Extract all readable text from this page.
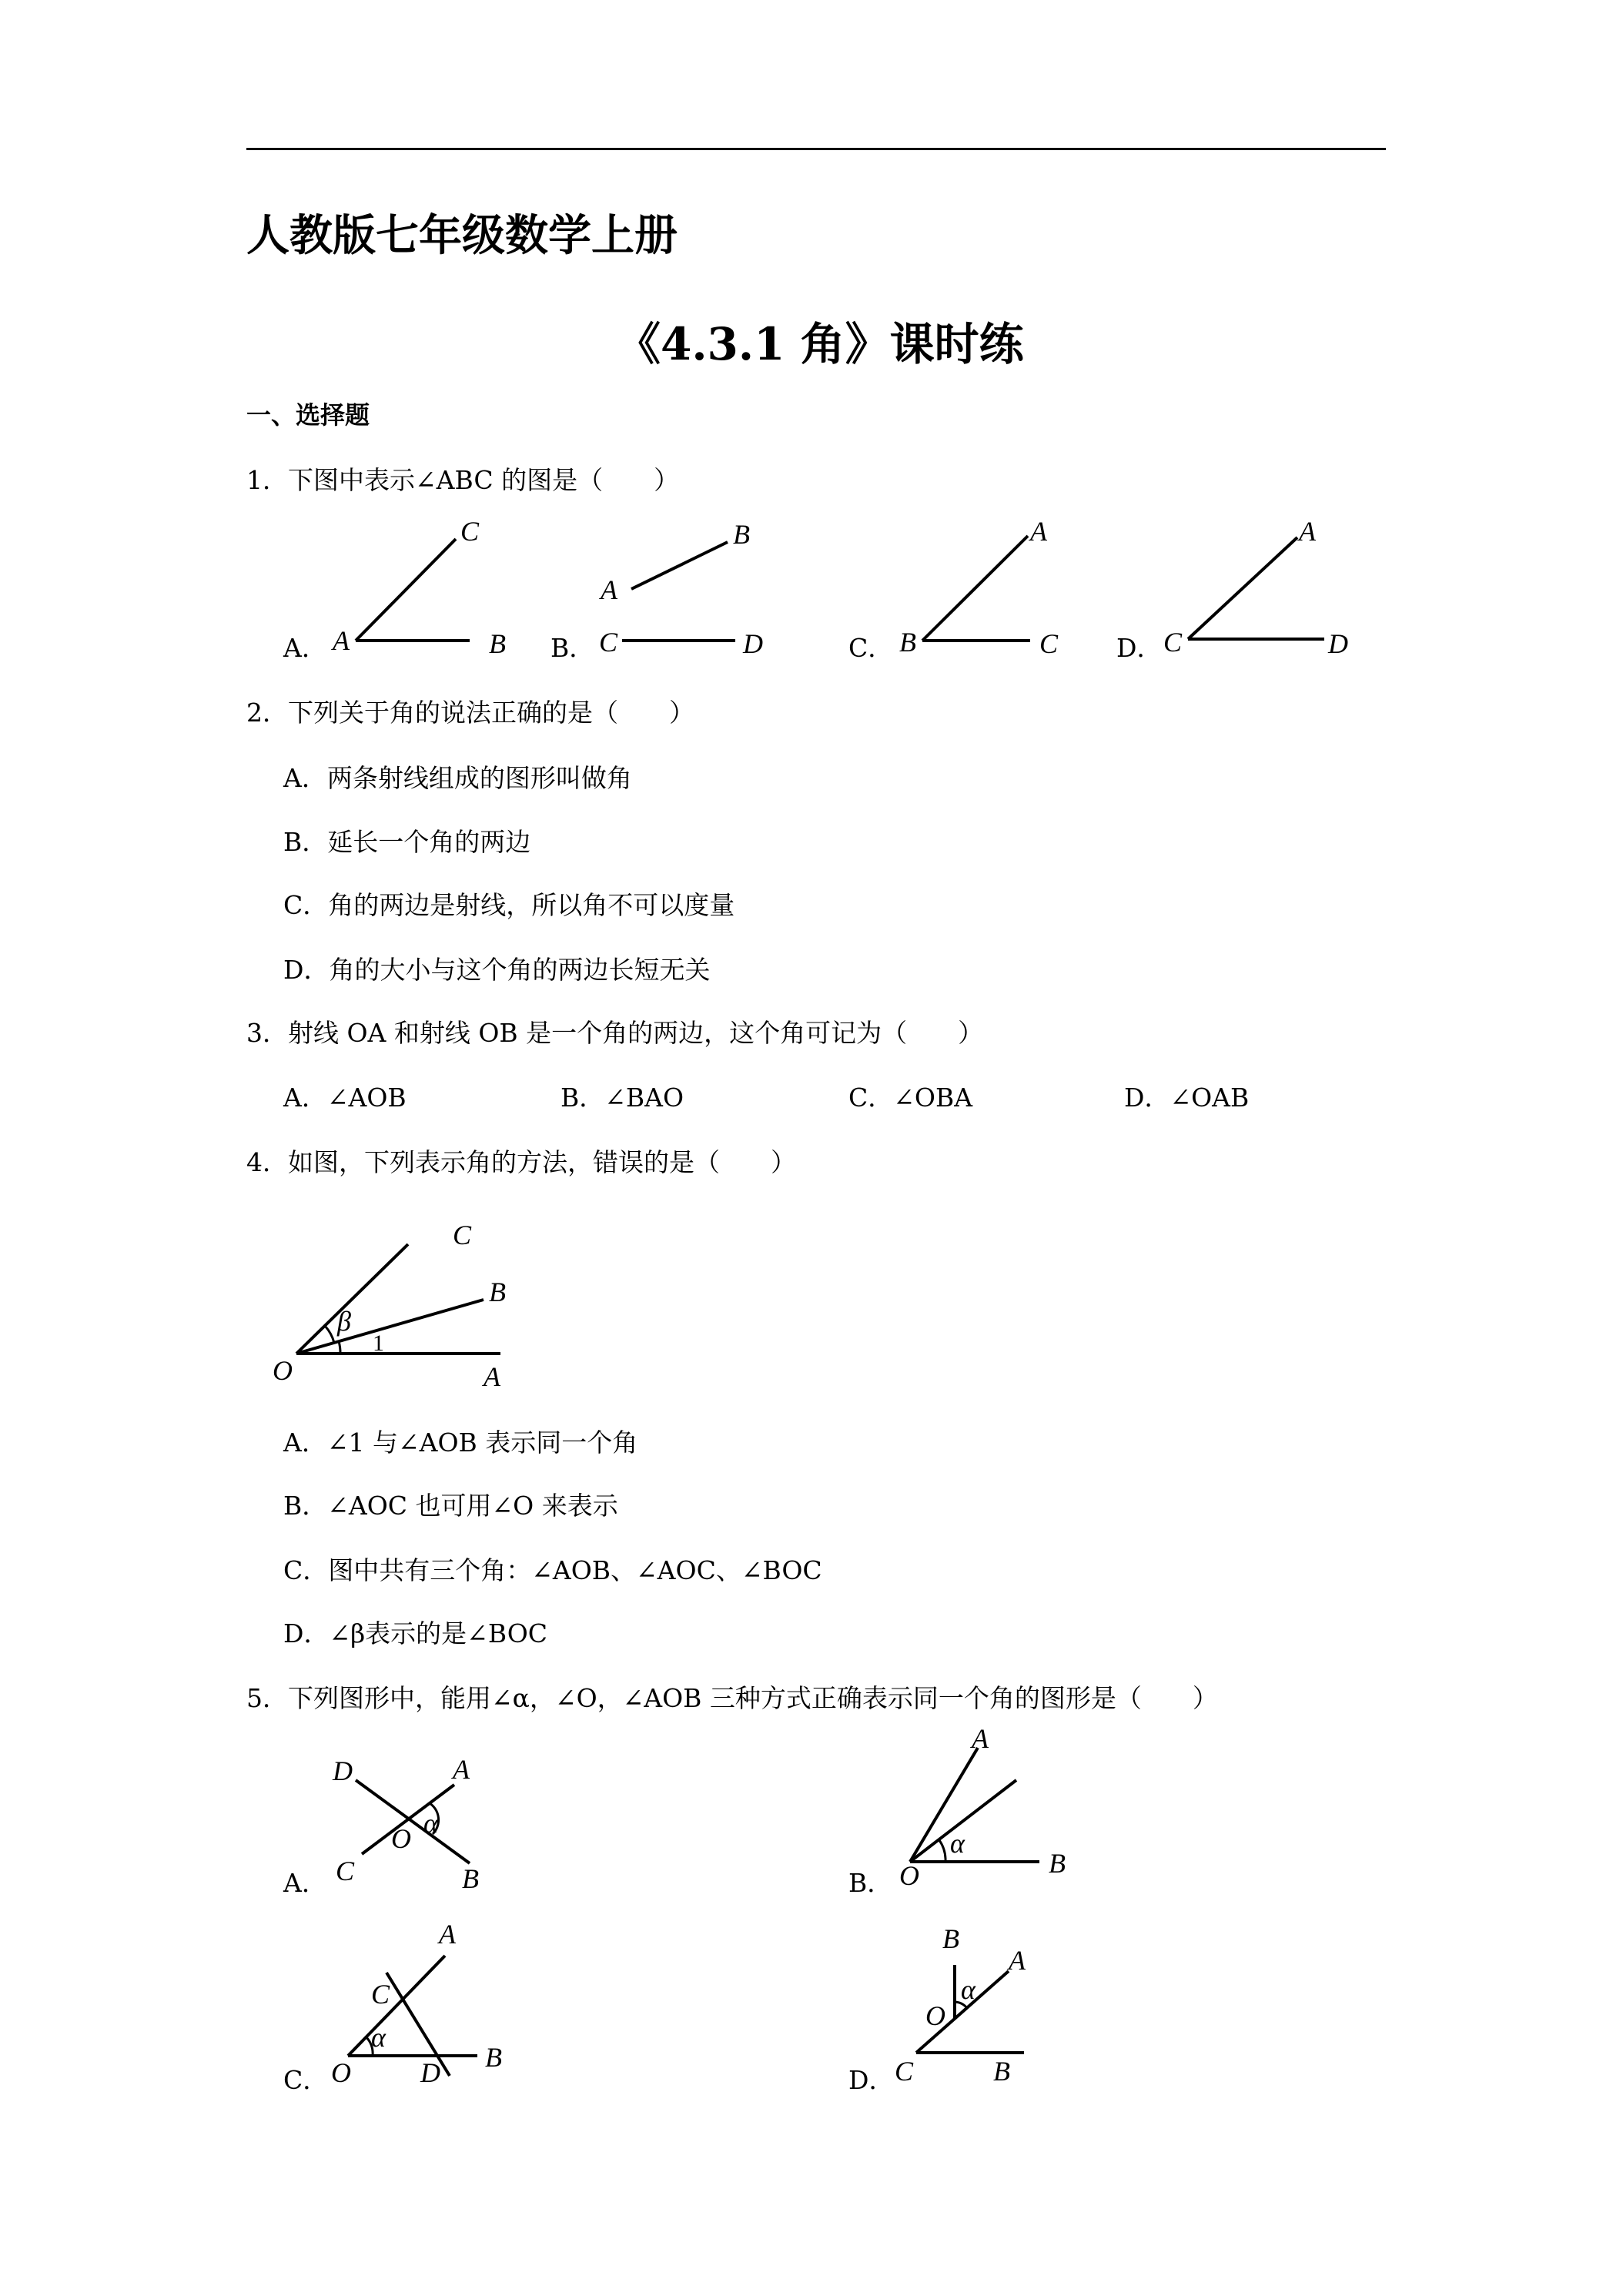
人教版七年级数学上册
《4.3.1 角》课时练
一、选择题
1．下图中表示∠ABC 的图是（　　）
A． A	B
C
B． C	D
A
B
C． B	C
A
D． C	D
A
2．下列关于角的说法正确的是（　　）
A．两条射线组成的图形叫做角
B．延长一个角的两边
C．角的两边是射线，所以角不可以度量
D．角的大小与这个角的两边长短无关
3．射线 OA 和射线 OB 是一个角的两边，这个角可记为（　　）
A．∠AOB	B．∠BAO	C．∠OBA	D．∠OAB
4．如图，下列表示角的方法，错误的是（　　）
C
B
A
O
β
1
A．∠1 与∠AOB 表示同一个角
B．∠AOC 也可用∠O 来表示
C．图中共有三个角：∠AOB、∠AOC、∠BOC
D．∠β表示的是∠BOC
5．下列图形中，能用∠α，∠O，∠AOB 三种方式正确表示同一个角的图形是（　　）
A．
D	A
O α
C	B	B．
A
α
O	B
C．
A
C
α
O	D B
D．
B
A
O
α
C	B
